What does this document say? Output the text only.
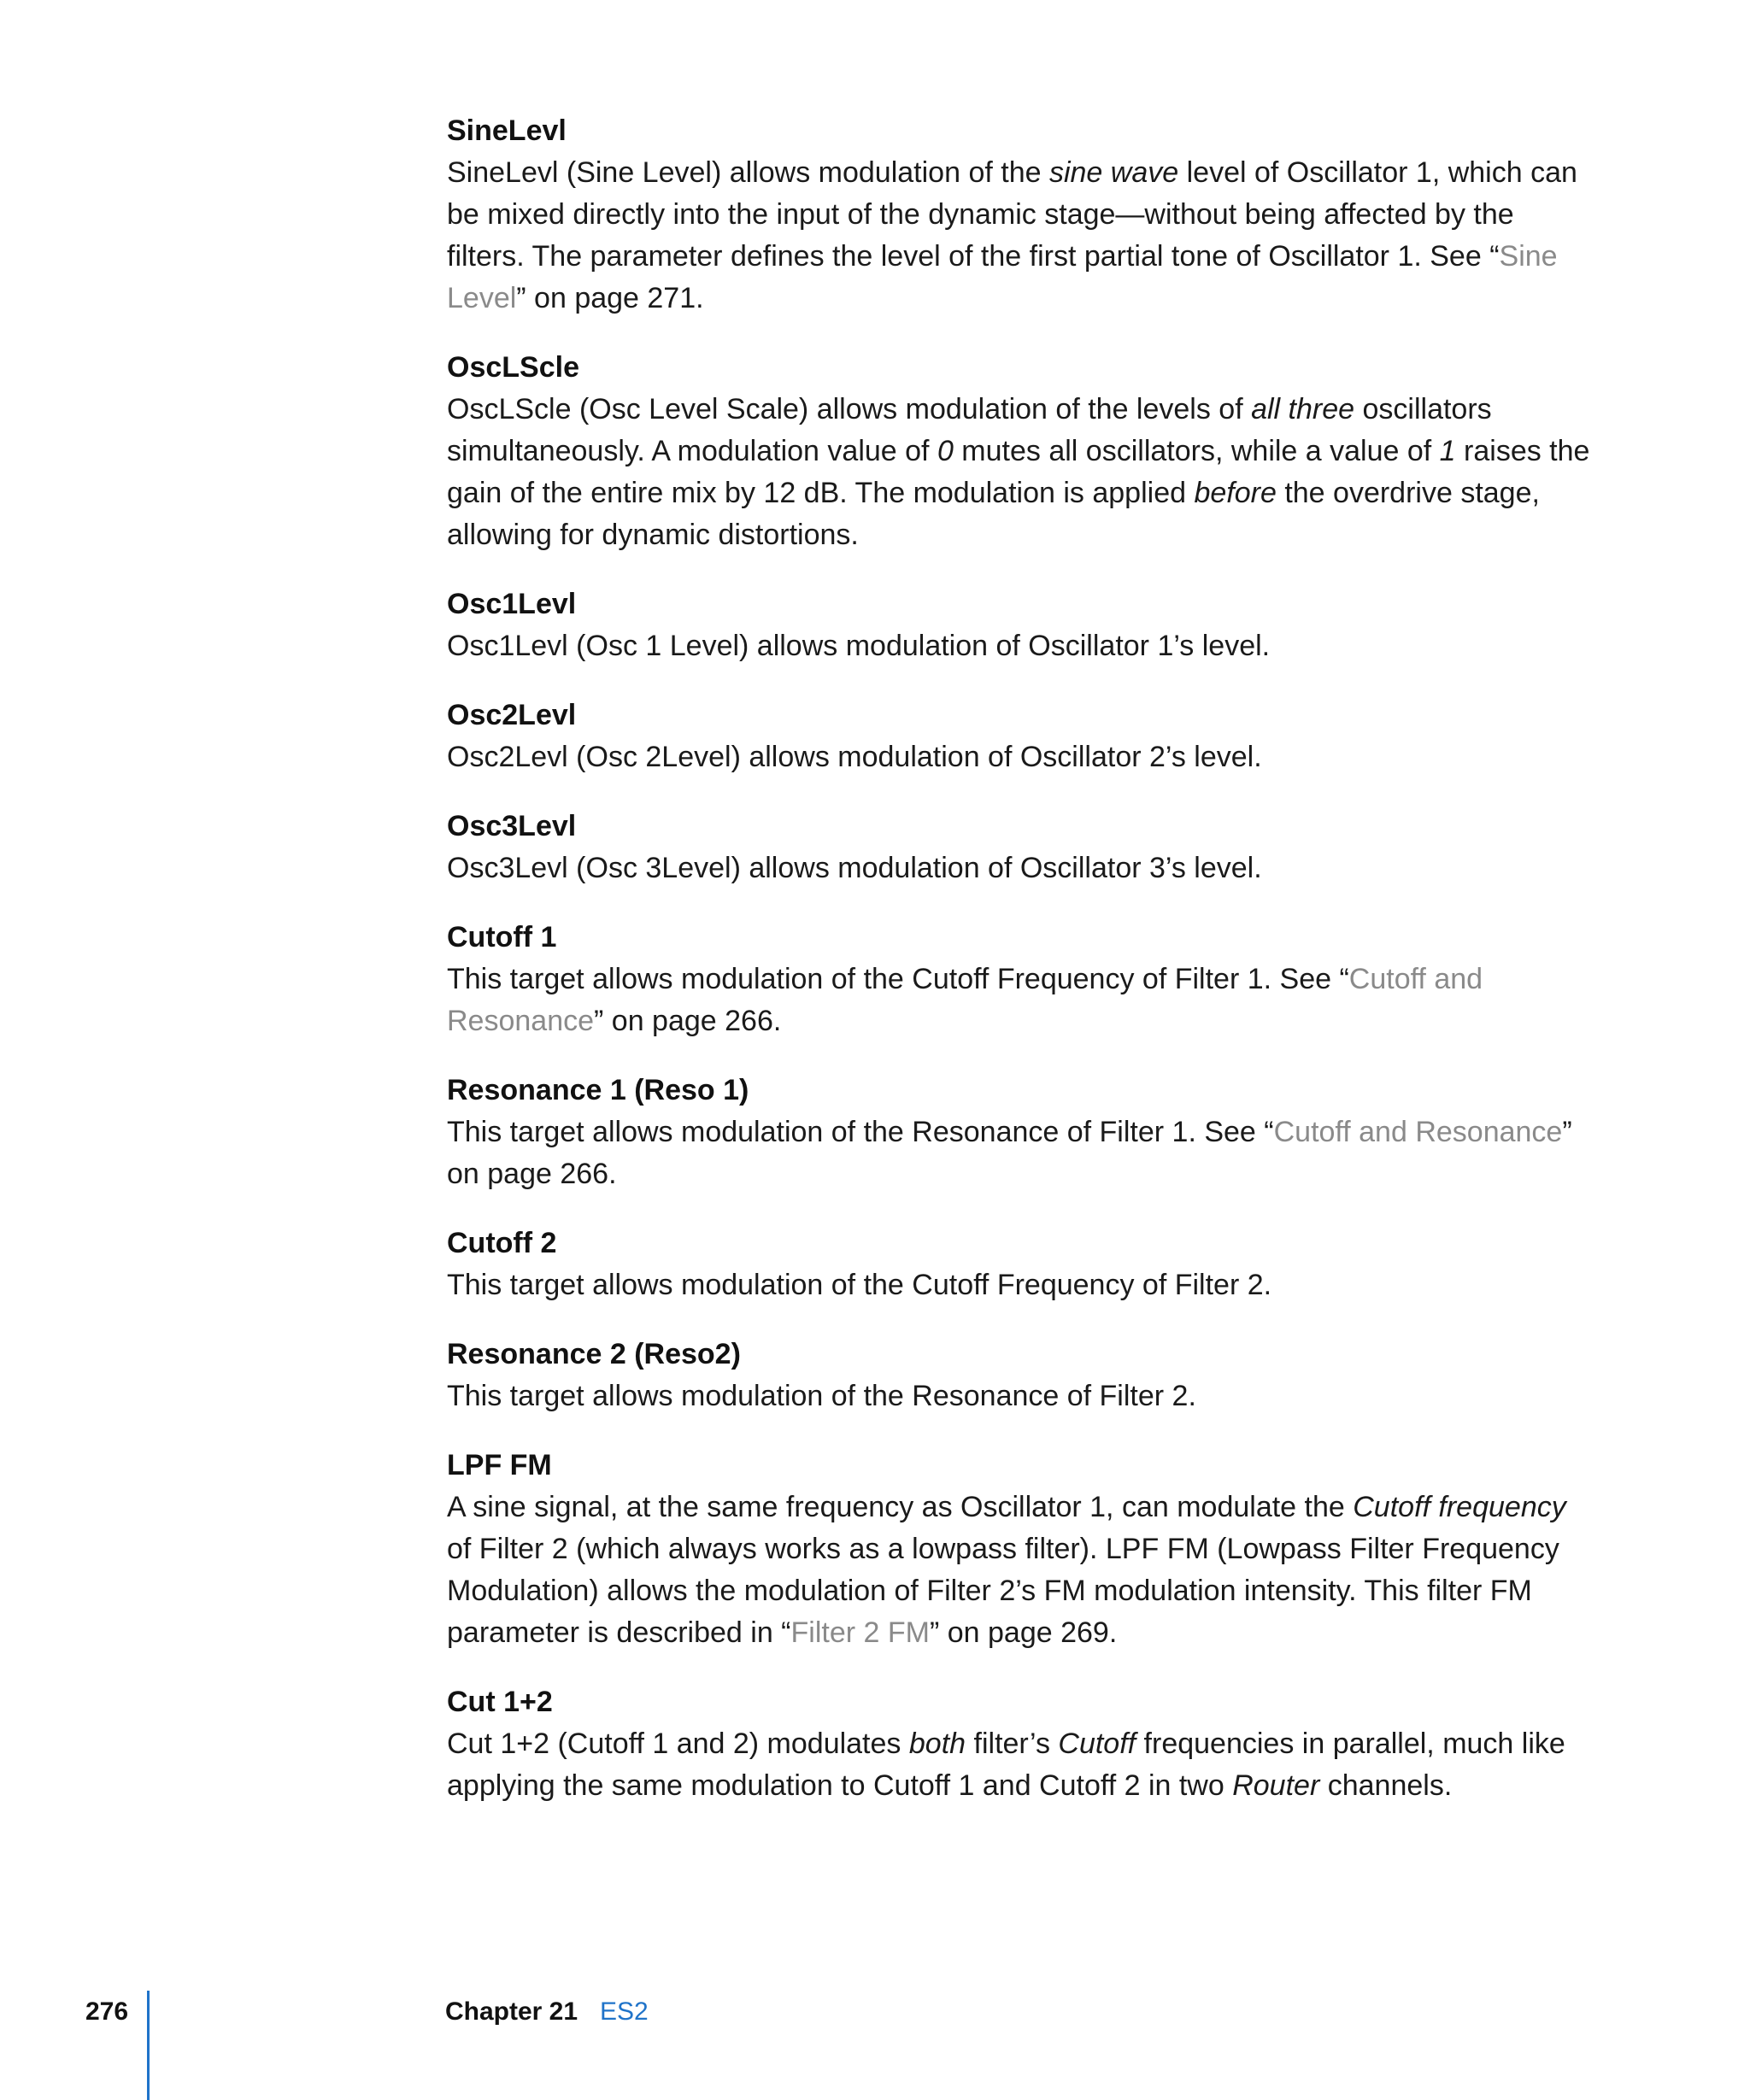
SineLevl

SineLevl (Sine Level) allows modulation of the sine wave level of Oscillator 1, which can be mixed directly into the input of the dynamic stage—without being affected by the filters. The parameter defines the level of the first partial tone of Oscillator 1. See “Sine Level” on page 271.

OscLScle

OscLScle (Osc Level Scale) allows modulation of the levels of all three oscillators simultaneously. A modulation value of 0 mutes all oscillators, while a value of 1 raises the gain of the entire mix by 12 dB. The modulation is applied before the overdrive stage, allowing for dynamic distortions.

Osc1Levl

Osc1Levl (Osc 1 Level) allows modulation of Oscillator 1’s level.

Osc2Levl

Osc2Levl (Osc 2Level) allows modulation of Oscillator 2’s level.

Osc3Levl

Osc3Levl (Osc 3Level) allows modulation of Oscillator 3’s level.

Cutoff 1

This target allows modulation of the Cutoff Frequency of Filter 1. See “Cutoff and Resonance” on page 266.

Resonance 1 (Reso 1)

This target allows modulation of the Resonance of Filter 1. See “Cutoff and Resonance” on page 266.

Cutoff 2

This target allows modulation of the Cutoff Frequency of Filter 2.

Resonance 2 (Reso2)

This target allows modulation of the Resonance of Filter 2.

LPF FM

A sine signal, at the same frequency as Oscillator 1, can modulate the Cutoff frequency of Filter 2 (which always works as a lowpass filter). LPF FM (Lowpass Filter Frequency Modulation) allows the modulation of Filter 2’s FM modulation intensity. This filter FM parameter is described in “Filter 2 FM” on page 269.

Cut 1+2

Cut 1+2 (Cutoff 1 and 2) modulates both filter’s Cutoff frequencies in parallel, much like applying the same modulation to Cutoff 1 and Cutoff 2 in two Router channels.

276	Chapter 21 ES2
